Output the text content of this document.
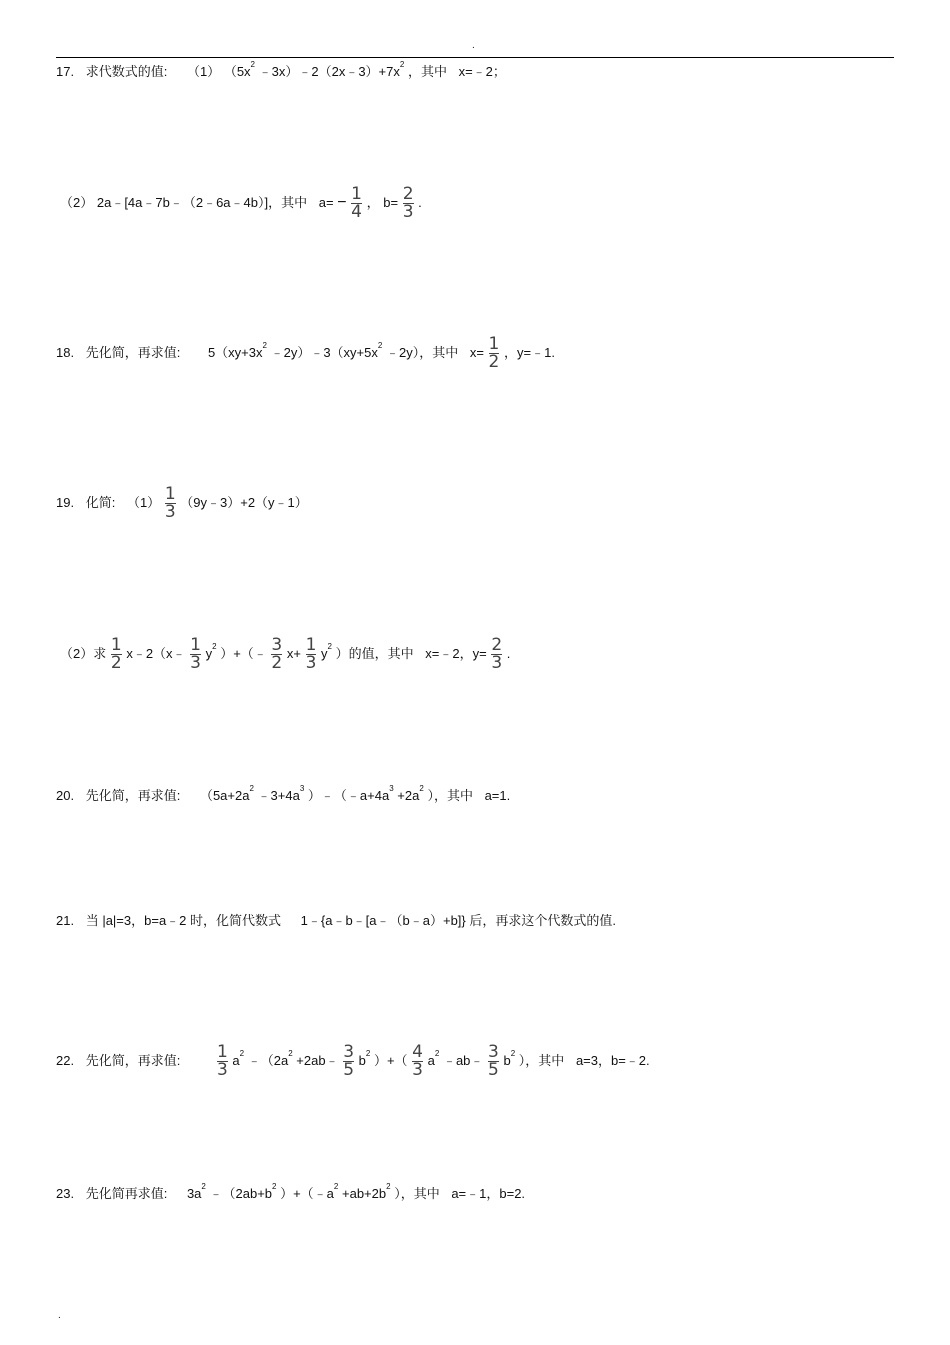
.
17. 求代数式的值: （1） （$5x^2$ $﹣3x)﹣2(2x﹣3)+7x^2$ ，其中 x=﹣2；
（2） 2a﹣[4a﹣7b﹣（2﹣6a﹣4b）]，其中 $a= - \frac{1}{4}$ ， $b= \frac{2}{3}$ .
18. 先化简，再求值: $5(xy+3x^2$ $﹣2y)﹣3(xy+5x^2$ ﹣2y），其中 $x= \frac{1}{2}$ ，y=﹣1.
19. 化简: $(1) \frac{1}{3}$ （9y﹣3）+2（y﹣1）
（2）求 $\frac{1}{2}$ x﹣2（x﹣ $\frac{1}{3} y^2$ ）+（﹣ $\frac{3}{2} x+ \frac{1}{3} y^2$ ）的值，其中 x=﹣2，$y= \frac{2}{3}$ .
20. 先化简，再求值: （$5a+2a^2$ $﹣3+4a^3$ ）$﹣(﹣a+4a^3 +2a^2$ ），其中 a=1.
21. 当 |a|=3，b=a﹣2 时，化简代数式 1﹣{a﹣b﹣[a﹣（b﹣a）+b]} 后，再求这个代数式的值.
22. 先化简，再求值: $\frac{1}{3} a^2$ $﹣(2a^2$ +2ab﹣ $\frac{3}{5} b^2$ ）+（ $\frac{4}{3} a^2$ ﹣ab﹣ $\frac{3}{5} b^2$ ），其中 a=3，b=﹣2.
23. 先化简再求值: $3a^2$ $﹣(2ab+b^2$ ）$+(﹣a^2 +ab+2b^2$ ），其中 a=﹣1，b=2.
.
